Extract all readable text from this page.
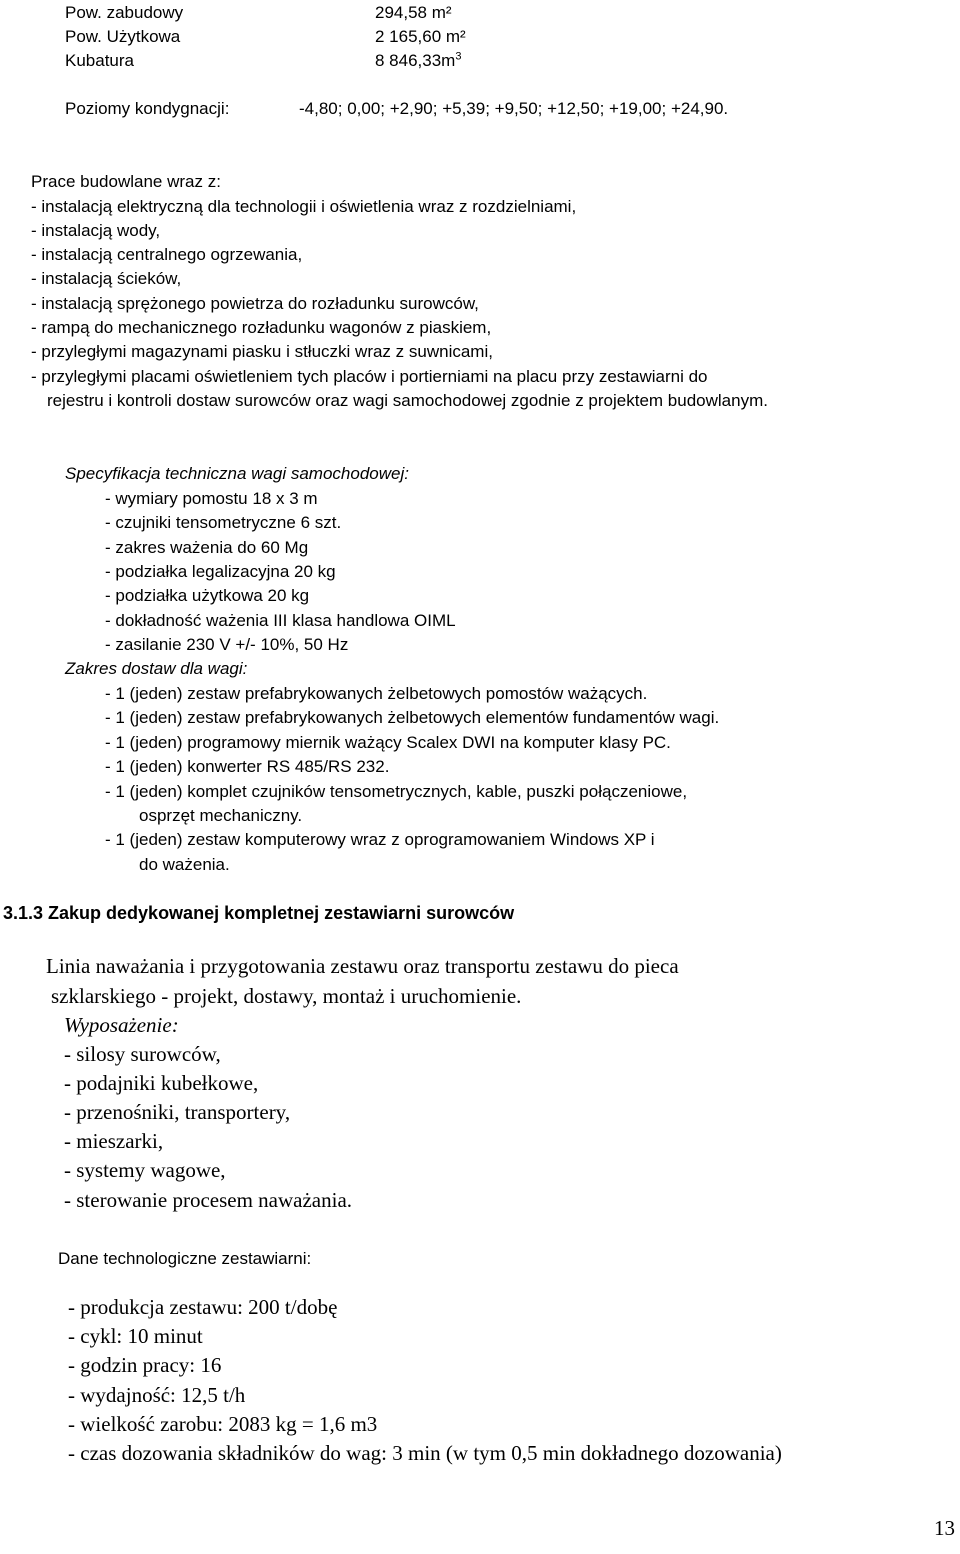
Pow. zabudowy	294,58 m²
Pow. Użytkowa	2 165,60 m²
Kubatura	8 $846,33m^3$
Poziomy kondygnacji:	-4,80; 0,00; +2,90; +5,39; +9,50; +12,50; +19,00; +24,90.
Prace budowlane wraz z:
- instalacją elektryczną dla technologii i oświetlenia wraz z rozdzielniami,
- instalacją wody,
- instalacją centralnego ogrzewania,
- instalacją ścieków,
- instalacją sprężonego powietrza do rozładunku surowców,
- rampą do mechanicznego rozładunku wagonów z piaskiem,
- przyległymi magazynami piasku i stłuczki wraz z suwnicami,
- przyległymi placami oświetleniem tych placów i portierniami na placu przy zestawiarni do
rejestru i kontroli dostaw surowców oraz wagi samochodowej zgodnie z projektem budowlanym.
Specyfikacja techniczna wagi samochodowej:
- wymiary pomostu 18 x 3 m
- czujniki tensometryczne 6 szt.
- zakres ważenia do 60 Mg
- podziałka legalizacyjna 20 kg
- podziałka użytkowa 20 kg
- dokładność ważenia III klasa handlowa OIML
- zasilanie 230 V +/- 10%, 50 Hz
Zakres dostaw dla wagi:
- 1 (jeden) zestaw prefabrykowanych żelbetowych pomostów ważących.
- 1 (jeden) zestaw prefabrykowanych żelbetowych elementów fundamentów wagi.
- 1 (jeden) programowy miernik ważący Scalex DWI na komputer klasy PC.
- 1 (jeden) konwerter RS 485/RS 232.
- 1 (jeden) komplet czujników tensometrycznych, kable, puszki połączeniowe,
osprzęt mechaniczny.
- 1 (jeden) zestaw komputerowy wraz z oprogramowaniem Windows XP i
do ważenia.
3.1.3 Zakup dedykowanej kompletnej zestawiarni surowców
Linia naważania i przygotowania zestawu oraz transportu zestawu do pieca
szklarskiego - projekt, dostawy, montaż i uruchomienie.
Wyposażenie:
- silosy surowców,
- podajniki kubełkowe,
- przenośniki, transportery,
- mieszarki,
- systemy wagowe,
- sterowanie procesem naważania.
Dane technologiczne zestawiarni:
- produkcja zestawu: 200 t/dobę
- cykl: 10 minut
- godzin pracy: 16
- wydajność: 12,5 t/h
- wielkość zarobu: 2083 kg = 1,6 m3
- czas dozowania składników do wag: 3 min (w tym 0,5 min dokładnego dozowania)
13
